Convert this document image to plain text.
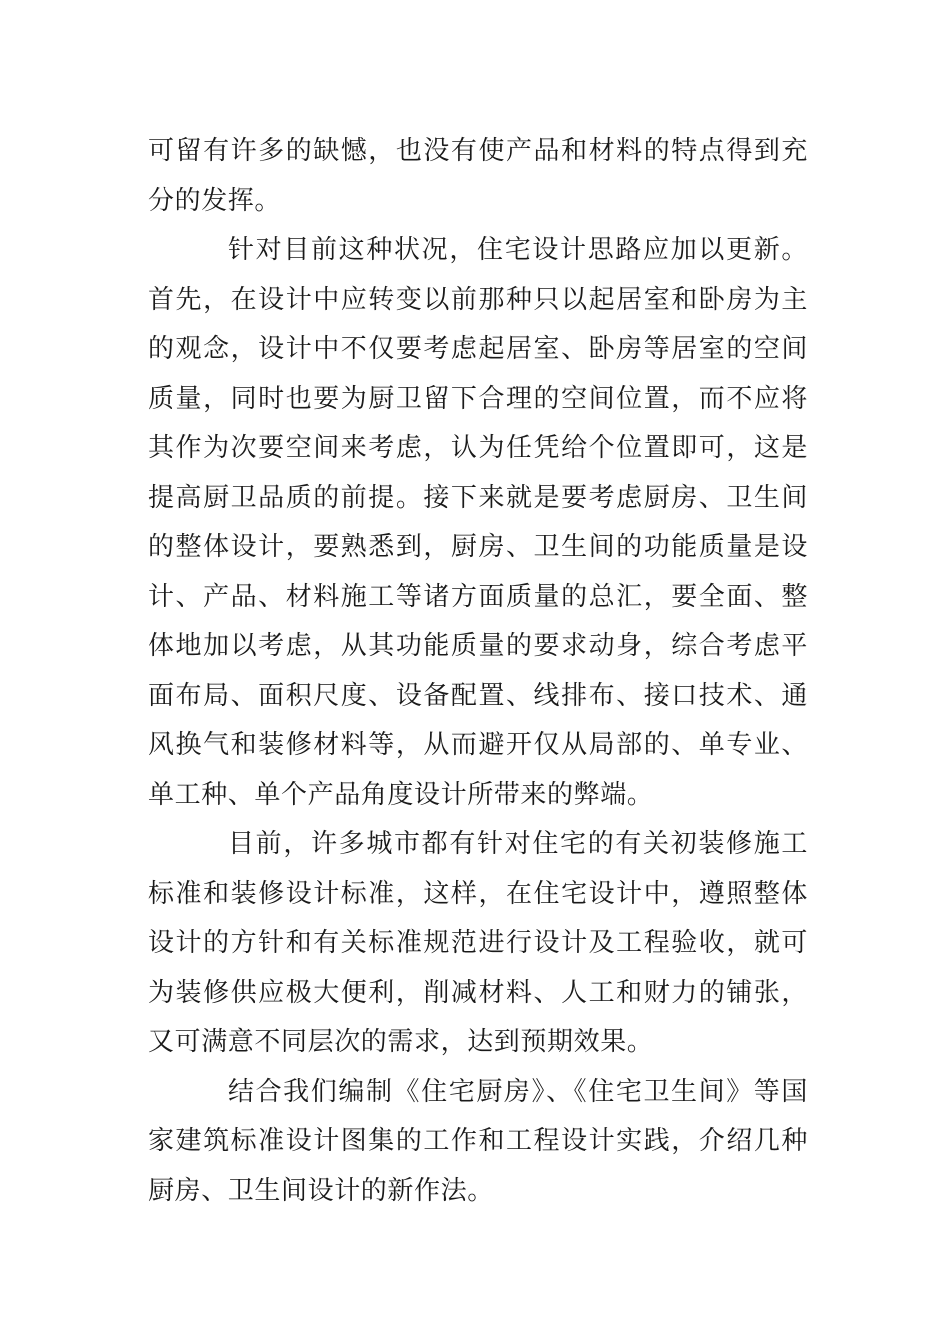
可留有许多的缺憾，也没有使产品和材料的特点得到充分的发挥。

针对目前这种状况，住宅设计思路应加以更新。首先，在设计中应转变以前那种只以起居室和卧房为主的观念，设计中不仅要考虑起居室、卧房等居室的空间质量，同时也要为厨卫留下合理的空间位置，而不应将其作为次要空间来考虑，认为任凭给个位置即可，这是提高厨卫品质的前提。接下来就是要考虑厨房、卫生间的整体设计，要熟悉到，厨房、卫生间的功能质量是设计、产品、材料施工等诸方面质量的总汇，要全面、整体地加以考虑，从其功能质量的要求动身，综合考虑平面布局、面积尺度、设备配置、线排布、接口技术、通风换气和装修材料等，从而避开仅从局部的、单专业、单工种、单个产品角度设计所带来的弊端。

目前，许多城市都有针对住宅的有关初装修施工标准和装修设计标准，这样，在住宅设计中，遵照整体设计的方针和有关标准规范进行设计及工程验收，就可为装修供应极大便利，削减材料、人工和财力的铺张，又可满意不同层次的需求，达到预期效果。

结合我们编制《住宅厨房》、《住宅卫生间》等国家建筑标准设计图集的工作和工程设计实践，介绍几种厨房、卫生间设计的新作法。
